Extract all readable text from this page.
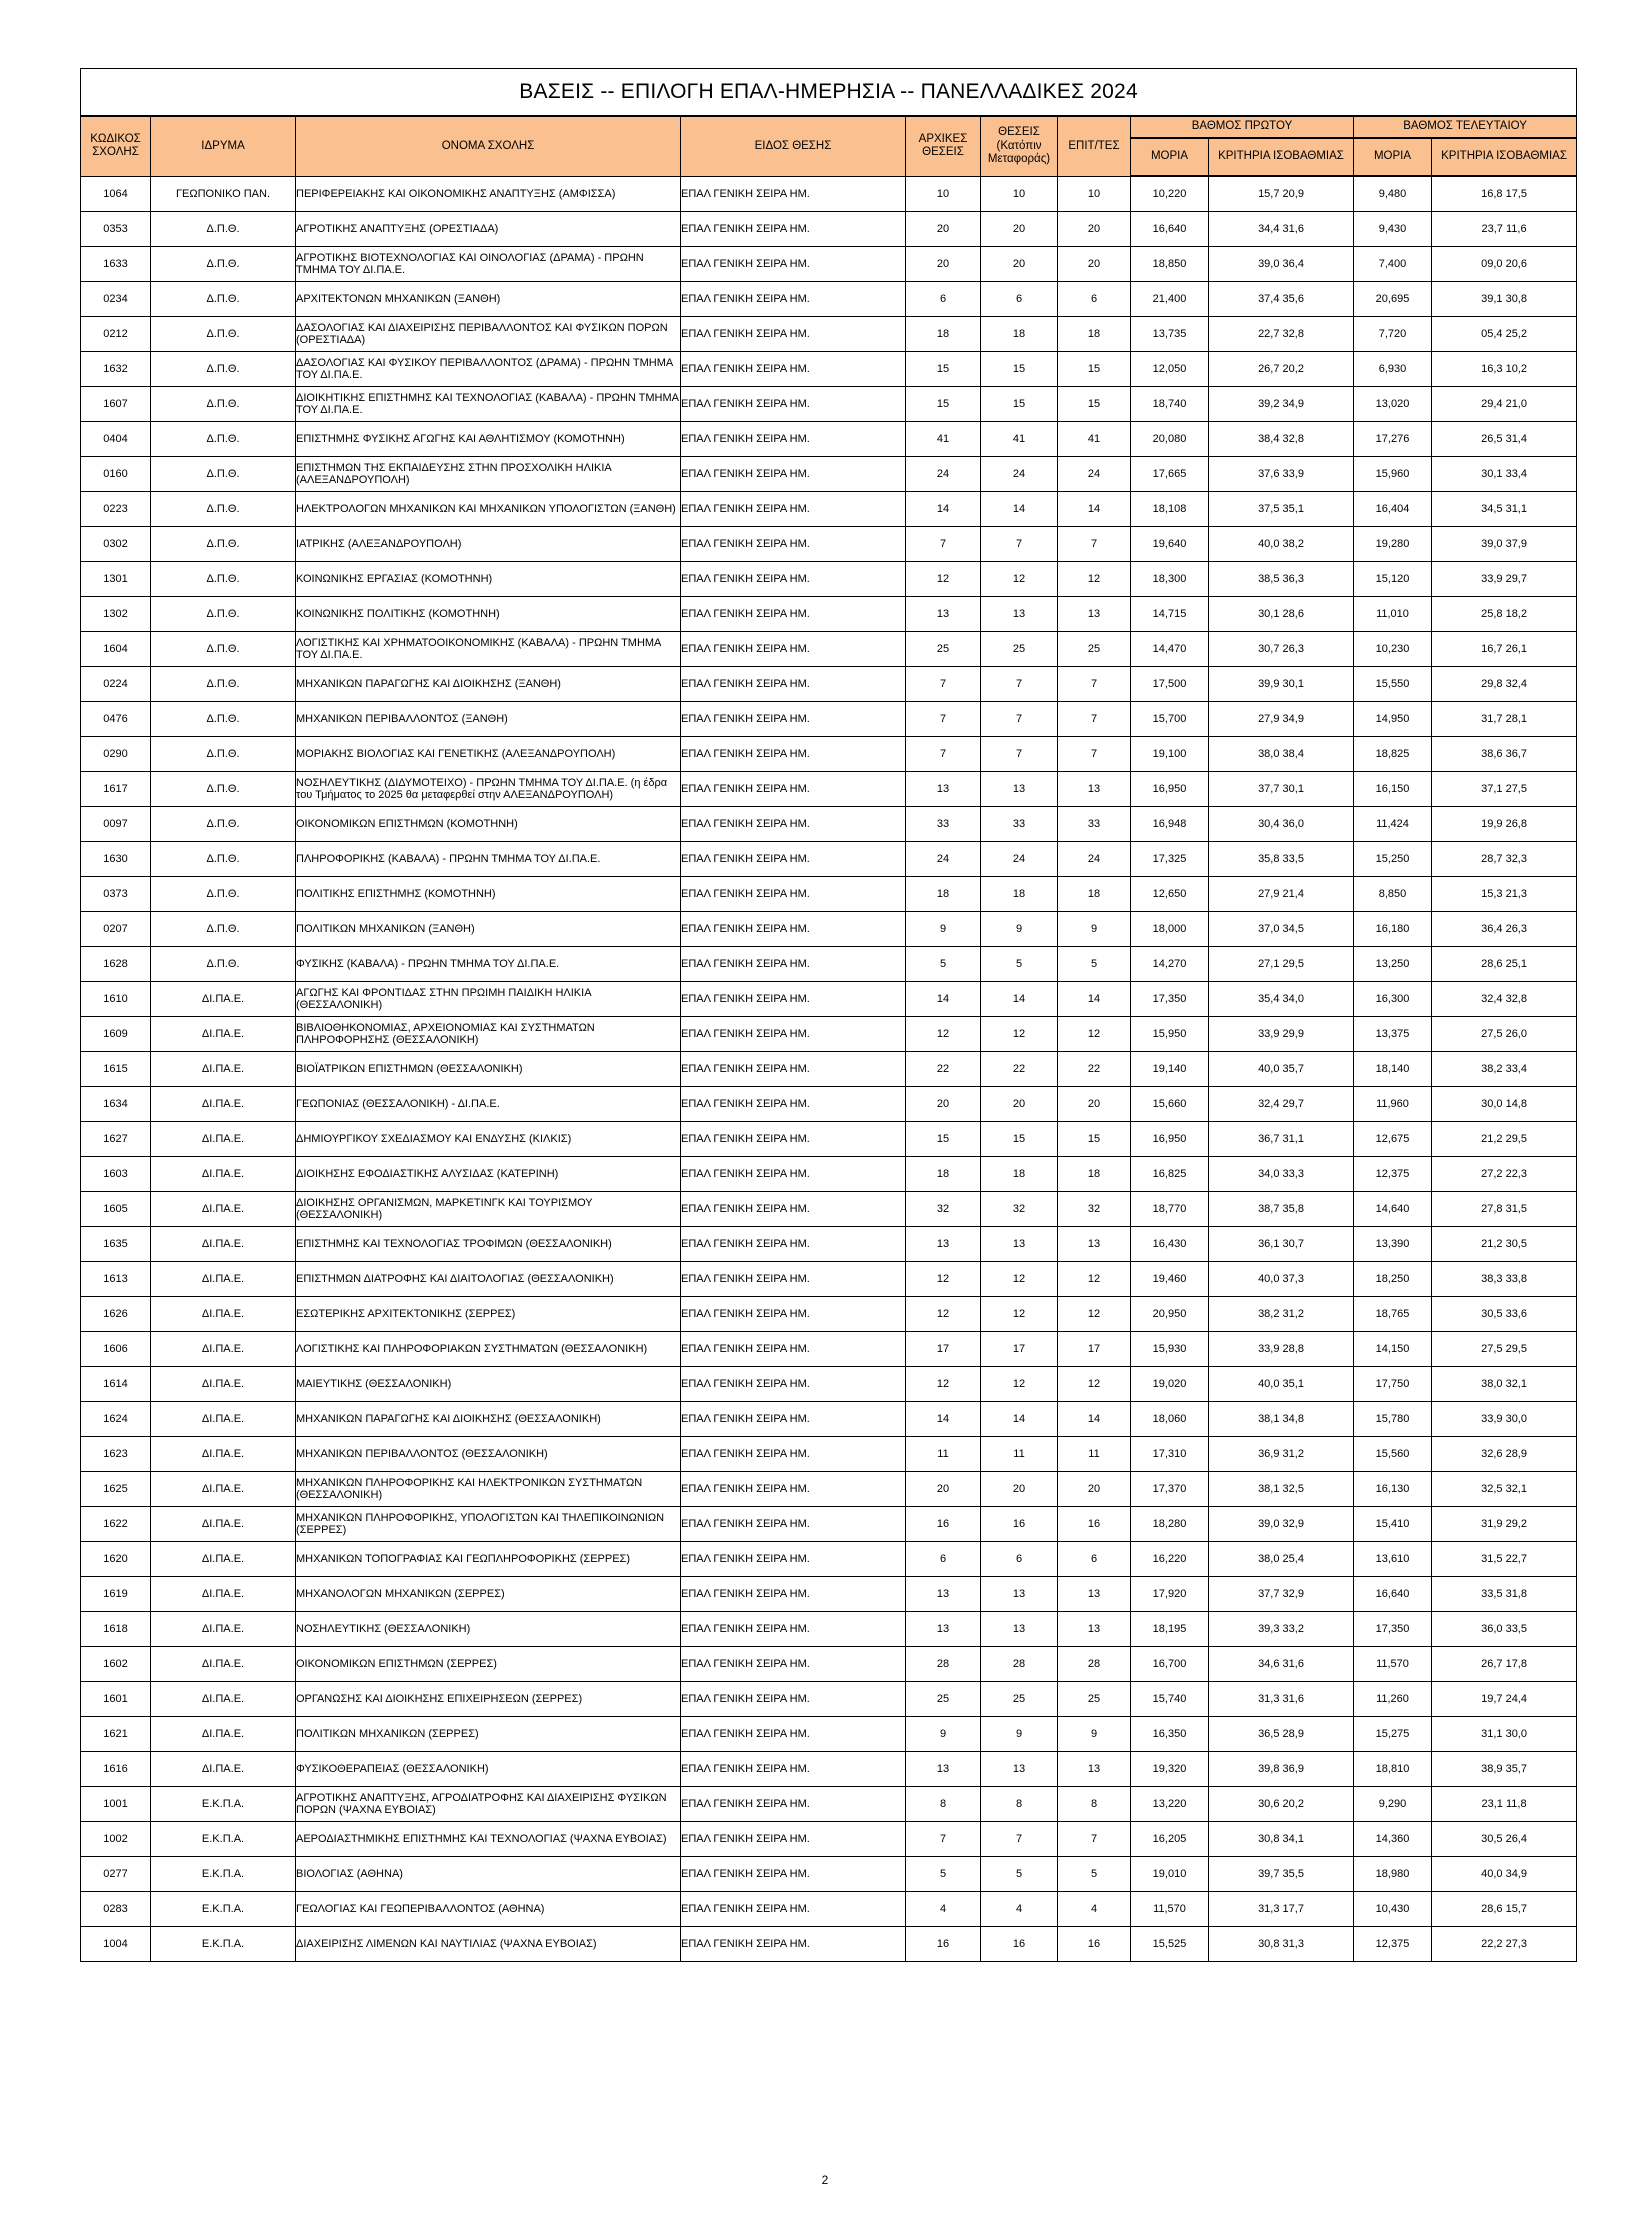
ΒΑΣΕΙΣ -- ΕΠΙΛΟΓΗ ΕΠΑΛ-ΗΜΕΡΗΣΙΑ -- ΠΑΝΕΛΛΑΔΙΚΕΣ 2024										
ΚΩΔΙΚΟΣ ΣΧΟΛΗΣ	ΙΔΡΥΜΑ	ΟΝΟΜΑ ΣΧΟΛΗΣ	ΕΙΔΟΣ ΘΕΣΗΣ	ΑΡΧΙΚΕΣ ΘΕΣΕΙΣ	ΘΕΣΕΙΣ (Κατόπιν Μεταφοράς)	ΕΠΙΤ/ΤΕΣ	ΒΑΘΜΟΣ ΠΡΩΤΟΥ		ΒΑΘΜΟΣ ΤΕΛΕΥΤΑΙΟΥ	
							ΜΟΡΙΑ	ΚΡΙΤΗΡΙΑ ΙΣΟΒΑΘΜΙΑΣ	ΜΟΡΙΑ	ΚΡΙΤΗΡΙΑ ΙΣΟΒΑΘΜΙΑΣ
1064	ΓΕΩΠΟΝΙΚΟ ΠΑΝ.	ΠΕΡΙΦΕΡΕΙΑΚΗΣ ΚΑΙ ΟΙΚΟΝΟΜΙΚΗΣ ΑΝΑΠΤΥΞΗΣ (ΑΜΦΙΣΣΑ)	ΕΠΑΛ ΓΕΝΙΚΗ ΣΕΙΡΑ ΗΜ.	10	10	10	10,220	15,7 20,9	9,480	16,8 17,5
0353	Δ.Π.Θ.	ΑΓΡΟΤΙΚΗΣ ΑΝΑΠΤΥΞΗΣ (ΟΡΕΣΤΙΑΔΑ)	ΕΠΑΛ ΓΕΝΙΚΗ ΣΕΙΡΑ ΗΜ.	20	20	20	16,640	34,4 31,6	9,430	23,7 11,6
1633	Δ.Π.Θ.	ΑΓΡΟΤΙΚΗΣ ΒΙΟΤΕΧΝΟΛΟΓΙΑΣ ΚΑΙ ΟΙΝΟΛΟΓΙΑΣ (ΔΡΑΜΑ) - ΠΡΩΗΝ ΤΜΗΜΑ ΤΟΥ ΔΙ.ΠΑ.Ε.	ΕΠΑΛ ΓΕΝΙΚΗ ΣΕΙΡΑ ΗΜ.	20	20	20	18,850	39,0 36,4	7,400	09,0 20,6
0234	Δ.Π.Θ.	ΑΡΧΙΤΕΚΤΟΝΩΝ ΜΗΧΑΝΙΚΩΝ (ΞΑΝΘΗ)	ΕΠΑΛ ΓΕΝΙΚΗ ΣΕΙΡΑ ΗΜ.	6	6	6	21,400	37,4 35,6	20,695	39,1 30,8
0212	Δ.Π.Θ.	ΔΑΣΟΛΟΓΙΑΣ ΚΑΙ ΔΙΑΧΕΙΡΙΣΗΣ ΠΕΡΙΒΑΛΛΟΝΤΟΣ ΚΑΙ ΦΥΣΙΚΩΝ ΠΟΡΩΝ (ΟΡΕΣΤΙΑΔΑ)	ΕΠΑΛ ΓΕΝΙΚΗ ΣΕΙΡΑ ΗΜ.	18	18	18	13,735	22,7 32,8	7,720	05,4 25,2
1632	Δ.Π.Θ.	ΔΑΣΟΛΟΓΙΑΣ ΚΑΙ ΦΥΣΙΚΟΥ ΠΕΡΙΒΑΛΛΟΝΤΟΣ (ΔΡΑΜΑ) - ΠΡΩΗΝ ΤΜΗΜΑ ΤΟΥ ΔΙ.ΠΑ.Ε.	ΕΠΑΛ ΓΕΝΙΚΗ ΣΕΙΡΑ ΗΜ.	15	15	15	12,050	26,7 20,2	6,930	16,3 10,2
1607	Δ.Π.Θ.	ΔΙΟΙΚΗΤΙΚΗΣ ΕΠΙΣΤΗΜΗΣ ΚΑΙ ΤΕΧΝΟΛΟΓΙΑΣ (ΚΑΒΑΛΑ) - ΠΡΩΗΝ ΤΜΗΜΑ ΤΟΥ ΔΙ.ΠΑ.Ε.	ΕΠΑΛ ΓΕΝΙΚΗ ΣΕΙΡΑ ΗΜ.	15	15	15	18,740	39,2 34,9	13,020	29,4 21,0
0404	Δ.Π.Θ.	ΕΠΙΣΤΗΜΗΣ ΦΥΣΙΚΗΣ ΑΓΩΓΗΣ ΚΑΙ ΑΘΛΗΤΙΣΜΟΥ (ΚΟΜΟΤΗΝΗ)	ΕΠΑΛ ΓΕΝΙΚΗ ΣΕΙΡΑ ΗΜ.	41	41	41	20,080	38,4 32,8	17,276	26,5 31,4
0160	Δ.Π.Θ.	ΕΠΙΣΤΗΜΩΝ ΤΗΣ ΕΚΠΑΙΔΕΥΣΗΣ ΣΤΗΝ ΠΡΟΣΧΟΛΙΚΗ ΗΛΙΚΙΑ (ΑΛΕΞΑΝΔΡΟΥΠΟΛΗ)	ΕΠΑΛ ΓΕΝΙΚΗ ΣΕΙΡΑ ΗΜ.	24	24	24	17,665	37,6 33,9	15,960	30,1 33,4
0223	Δ.Π.Θ.	ΗΛΕΚΤΡΟΛΟΓΩΝ ΜΗΧΑΝΙΚΩΝ ΚΑΙ ΜΗΧΑΝΙΚΩΝ ΥΠΟΛΟΓΙΣΤΩΝ (ΞΑΝΘΗ)	ΕΠΑΛ ΓΕΝΙΚΗ ΣΕΙΡΑ ΗΜ.	14	14	14	18,108	37,5 35,1	16,404	34,5 31,1
0302	Δ.Π.Θ.	ΙΑΤΡΙΚΗΣ (ΑΛΕΞΑΝΔΡΟΥΠΟΛΗ)	ΕΠΑΛ ΓΕΝΙΚΗ ΣΕΙΡΑ ΗΜ.	7	7	7	19,640	40,0 38,2	19,280	39,0 37,9
1301	Δ.Π.Θ.	ΚΟΙΝΩΝΙΚΗΣ ΕΡΓΑΣΙΑΣ (ΚΟΜΟΤΗΝΗ)	ΕΠΑΛ ΓΕΝΙΚΗ ΣΕΙΡΑ ΗΜ.	12	12	12	18,300	38,5 36,3	15,120	33,9 29,7
1302	Δ.Π.Θ.	ΚΟΙΝΩΝΙΚΗΣ ΠΟΛΙΤΙΚΗΣ (ΚΟΜΟΤΗΝΗ)	ΕΠΑΛ ΓΕΝΙΚΗ ΣΕΙΡΑ ΗΜ.	13	13	13	14,715	30,1 28,6	11,010	25,8 18,2
1604	Δ.Π.Θ.	ΛΟΓΙΣΤΙΚΗΣ ΚΑΙ ΧΡΗΜΑΤΟΟΙΚΟΝΟΜΙΚΗΣ (ΚΑΒΑΛΑ) - ΠΡΩΗΝ ΤΜΗΜΑ ΤΟΥ ΔΙ.ΠΑ.Ε.	ΕΠΑΛ ΓΕΝΙΚΗ ΣΕΙΡΑ ΗΜ.	25	25	25	14,470	30,7 26,3	10,230	16,7 26,1
0224	Δ.Π.Θ.	ΜΗΧΑΝΙΚΩΝ ΠΑΡΑΓΩΓΗΣ ΚΑΙ ΔΙΟΙΚΗΣΗΣ (ΞΑΝΘΗ)	ΕΠΑΛ ΓΕΝΙΚΗ ΣΕΙΡΑ ΗΜ.	7	7	7	17,500	39,9 30,1	15,550	29,8 32,4
0476	Δ.Π.Θ.	ΜΗΧΑΝΙΚΩΝ ΠΕΡΙΒΑΛΛΟΝΤΟΣ (ΞΑΝΘΗ)	ΕΠΑΛ ΓΕΝΙΚΗ ΣΕΙΡΑ ΗΜ.	7	7	7	15,700	27,9 34,9	14,950	31,7 28,1
0290	Δ.Π.Θ.	ΜΟΡΙΑΚΗΣ ΒΙΟΛΟΓΙΑΣ ΚΑΙ ΓΕΝΕΤΙΚΗΣ (ΑΛΕΞΑΝΔΡΟΥΠΟΛΗ)	ΕΠΑΛ ΓΕΝΙΚΗ ΣΕΙΡΑ ΗΜ.	7	7	7	19,100	38,0 38,4	18,825	38,6 36,7
1617	Δ.Π.Θ.	ΝΟΣΗΛΕΥΤΙΚΗΣ (ΔΙΔΥΜΟΤΕΙΧΟ) - ΠΡΩΗΝ ΤΜΗΜΑ ΤΟΥ ΔΙ.ΠΑ.Ε. (η έδρα του Τμήματος το 2025 θα μεταφερθεί στην ΑΛΕΞΑΝΔΡΟΥΠΟΛΗ)	ΕΠΑΛ ΓΕΝΙΚΗ ΣΕΙΡΑ ΗΜ.	13	13	13	16,950	37,7 30,1	16,150	37,1 27,5
0097	Δ.Π.Θ.	ΟΙΚΟΝΟΜΙΚΩΝ ΕΠΙΣΤΗΜΩΝ (ΚΟΜΟΤΗΝΗ)	ΕΠΑΛ ΓΕΝΙΚΗ ΣΕΙΡΑ ΗΜ.	33	33	33	16,948	30,4 36,0	11,424	19,9 26,8
1630	Δ.Π.Θ.	ΠΛΗΡΟΦΟΡΙΚΗΣ (ΚΑΒΑΛΑ) - ΠΡΩΗΝ ΤΜΗΜΑ ΤΟΥ ΔΙ.ΠΑ.Ε.	ΕΠΑΛ ΓΕΝΙΚΗ ΣΕΙΡΑ ΗΜ.	24	24	24	17,325	35,8 33,5	15,250	28,7 32,3
0373	Δ.Π.Θ.	ΠΟΛΙΤΙΚΗΣ ΕΠΙΣΤΗΜΗΣ (ΚΟΜΟΤΗΝΗ)	ΕΠΑΛ ΓΕΝΙΚΗ ΣΕΙΡΑ ΗΜ.	18	18	18	12,650	27,9 21,4	8,850	15,3 21,3
0207	Δ.Π.Θ.	ΠΟΛΙΤΙΚΩΝ ΜΗΧΑΝΙΚΩΝ (ΞΑΝΘΗ)	ΕΠΑΛ ΓΕΝΙΚΗ ΣΕΙΡΑ ΗΜ.	9	9	9	18,000	37,0 34,5	16,180	36,4 26,3
1628	Δ.Π.Θ.	ΦΥΣΙΚΗΣ (ΚΑΒΑΛΑ) - ΠΡΩΗΝ ΤΜΗΜΑ ΤΟΥ ΔΙ.ΠΑ.Ε.	ΕΠΑΛ ΓΕΝΙΚΗ ΣΕΙΡΑ ΗΜ.	5	5	5	14,270	27,1 29,5	13,250	28,6 25,1
1610	ΔΙ.ΠΑ.Ε.	ΑΓΩΓΗΣ ΚΑΙ ΦΡΟΝΤΙΔΑΣ ΣΤΗΝ ΠΡΩΙΜΗ ΠΑΙΔΙΚΗ ΗΛΙΚΙΑ (ΘΕΣΣΑΛΟΝΙΚΗ)	ΕΠΑΛ ΓΕΝΙΚΗ ΣΕΙΡΑ ΗΜ.	14	14	14	17,350	35,4 34,0	16,300	32,4 32,8
1609	ΔΙ.ΠΑ.Ε.	ΒΙΒΛΙΟΘΗΚΟΝΟΜΙΑΣ, ΑΡΧΕΙΟΝΟΜΙΑΣ ΚΑΙ ΣΥΣΤΗΜΑΤΩΝ ΠΛΗΡΟΦΟΡΗΣΗΣ (ΘΕΣΣΑΛΟΝΙΚΗ)	ΕΠΑΛ ΓΕΝΙΚΗ ΣΕΙΡΑ ΗΜ.	12	12	12	15,950	33,9 29,9	13,375	27,5 26,0
1615	ΔΙ.ΠΑ.Ε.	ΒΙΟΪΑΤΡΙΚΩΝ ΕΠΙΣΤΗΜΩΝ (ΘΕΣΣΑΛΟΝΙΚΗ)	ΕΠΑΛ ΓΕΝΙΚΗ ΣΕΙΡΑ ΗΜ.	22	22	22	19,140	40,0 35,7	18,140	38,2 33,4
1634	ΔΙ.ΠΑ.Ε.	ΓΕΩΠΟΝΙΑΣ (ΘΕΣΣΑΛΟΝΙΚΗ) - ΔΙ.ΠΑ.Ε.	ΕΠΑΛ ΓΕΝΙΚΗ ΣΕΙΡΑ ΗΜ.	20	20	20	15,660	32,4 29,7	11,960	30,0 14,8
1627	ΔΙ.ΠΑ.Ε.	ΔΗΜΙΟΥΡΓΙΚΟΥ ΣΧΕΔΙΑΣΜΟΥ ΚΑΙ ΕΝΔΥΣΗΣ (ΚΙΛΚΙΣ)	ΕΠΑΛ ΓΕΝΙΚΗ ΣΕΙΡΑ ΗΜ.	15	15	15	16,950	36,7 31,1	12,675	21,2 29,5
1603	ΔΙ.ΠΑ.Ε.	ΔΙΟΙΚΗΣΗΣ ΕΦΟΔΙΑΣΤΙΚΗΣ ΑΛΥΣΙΔΑΣ (ΚΑΤΕΡΙΝΗ)	ΕΠΑΛ ΓΕΝΙΚΗ ΣΕΙΡΑ ΗΜ.	18	18	18	16,825	34,0 33,3	12,375	27,2 22,3
1605	ΔΙ.ΠΑ.Ε.	ΔΙΟΙΚΗΣΗΣ ΟΡΓΑΝΙΣΜΩΝ, ΜΑΡΚΕΤΙΝΓΚ ΚΑΙ ΤΟΥΡΙΣΜΟΥ (ΘΕΣΣΑΛΟΝΙΚΗ)	ΕΠΑΛ ΓΕΝΙΚΗ ΣΕΙΡΑ ΗΜ.	32	32	32	18,770	38,7 35,8	14,640	27,8 31,5
1635	ΔΙ.ΠΑ.Ε.	ΕΠΙΣΤΗΜΗΣ ΚΑΙ ΤΕΧΝΟΛΟΓΙΑΣ ΤΡΟΦΙΜΩΝ (ΘΕΣΣΑΛΟΝΙΚΗ)	ΕΠΑΛ ΓΕΝΙΚΗ ΣΕΙΡΑ ΗΜ.	13	13	13	16,430	36,1 30,7	13,390	21,2 30,5
1613	ΔΙ.ΠΑ.Ε.	ΕΠΙΣΤΗΜΩΝ ΔΙΑΤΡΟΦΗΣ ΚΑΙ ΔΙΑΙΤΟΛΟΓΙΑΣ (ΘΕΣΣΑΛΟΝΙΚΗ)	ΕΠΑΛ ΓΕΝΙΚΗ ΣΕΙΡΑ ΗΜ.	12	12	12	19,460	40,0 37,3	18,250	38,3 33,8
1626	ΔΙ.ΠΑ.Ε.	ΕΣΩΤΕΡΙΚΗΣ ΑΡΧΙΤΕΚΤΟΝΙΚΗΣ (ΣΕΡΡΕΣ)	ΕΠΑΛ ΓΕΝΙΚΗ ΣΕΙΡΑ ΗΜ.	12	12	12	20,950	38,2 31,2	18,765	30,5 33,6
1606	ΔΙ.ΠΑ.Ε.	ΛΟΓΙΣΤΙΚΗΣ ΚΑΙ ΠΛΗΡΟΦΟΡΙΑΚΩΝ ΣΥΣΤΗΜΑΤΩΝ (ΘΕΣΣΑΛΟΝΙΚΗ)	ΕΠΑΛ ΓΕΝΙΚΗ ΣΕΙΡΑ ΗΜ.	17	17	17	15,930	33,9 28,8	14,150	27,5 29,5
1614	ΔΙ.ΠΑ.Ε.	ΜΑΙΕΥΤΙΚΗΣ (ΘΕΣΣΑΛΟΝΙΚΗ)	ΕΠΑΛ ΓΕΝΙΚΗ ΣΕΙΡΑ ΗΜ.	12	12	12	19,020	40,0 35,1	17,750	38,0 32,1
1624	ΔΙ.ΠΑ.Ε.	ΜΗΧΑΝΙΚΩΝ ΠΑΡΑΓΩΓΗΣ ΚΑΙ ΔΙΟΙΚΗΣΗΣ (ΘΕΣΣΑΛΟΝΙΚΗ)	ΕΠΑΛ ΓΕΝΙΚΗ ΣΕΙΡΑ ΗΜ.	14	14	14	18,060	38,1 34,8	15,780	33,9 30,0
1623	ΔΙ.ΠΑ.Ε.	ΜΗΧΑΝΙΚΩΝ ΠΕΡΙΒΑΛΛΟΝΤΟΣ (ΘΕΣΣΑΛΟΝΙΚΗ)	ΕΠΑΛ ΓΕΝΙΚΗ ΣΕΙΡΑ ΗΜ.	11	11	11	17,310	36,9 31,2	15,560	32,6 28,9
1625	ΔΙ.ΠΑ.Ε.	ΜΗΧΑΝΙΚΩΝ ΠΛΗΡΟΦΟΡΙΚΗΣ ΚΑΙ ΗΛΕΚΤΡΟΝΙΚΩΝ ΣΥΣΤΗΜΑΤΩΝ (ΘΕΣΣΑΛΟΝΙΚΗ)	ΕΠΑΛ ΓΕΝΙΚΗ ΣΕΙΡΑ ΗΜ.	20	20	20	17,370	38,1 32,5	16,130	32,5 32,1
1622	ΔΙ.ΠΑ.Ε.	ΜΗΧΑΝΙΚΩΝ ΠΛΗΡΟΦΟΡΙΚΗΣ, ΥΠΟΛΟΓΙΣΤΩΝ ΚΑΙ ΤΗΛΕΠΙΚΟΙΝΩΝΙΩΝ (ΣΕΡΡΕΣ)	ΕΠΑΛ ΓΕΝΙΚΗ ΣΕΙΡΑ ΗΜ.	16	16	16	18,280	39,0 32,9	15,410	31,9 29,2
1620	ΔΙ.ΠΑ.Ε.	ΜΗΧΑΝΙΚΩΝ ΤΟΠΟΓΡΑΦΙΑΣ ΚΑΙ ΓΕΩΠΛΗΡΟΦΟΡΙΚΗΣ (ΣΕΡΡΕΣ)	ΕΠΑΛ ΓΕΝΙΚΗ ΣΕΙΡΑ ΗΜ.	6	6	6	16,220	38,0 25,4	13,610	31,5 22,7
1619	ΔΙ.ΠΑ.Ε.	ΜΗΧΑΝΟΛΟΓΩΝ ΜΗΧΑΝΙΚΩΝ (ΣΕΡΡΕΣ)	ΕΠΑΛ ΓΕΝΙΚΗ ΣΕΙΡΑ ΗΜ.	13	13	13	17,920	37,7 32,9	16,640	33,5 31,8
1618	ΔΙ.ΠΑ.Ε.	ΝΟΣΗΛΕΥΤΙΚΗΣ (ΘΕΣΣΑΛΟΝΙΚΗ)	ΕΠΑΛ ΓΕΝΙΚΗ ΣΕΙΡΑ ΗΜ.	13	13	13	18,195	39,3 33,2	17,350	36,0 33,5
1602	ΔΙ.ΠΑ.Ε.	ΟΙΚΟΝΟΜΙΚΩΝ ΕΠΙΣΤΗΜΩΝ (ΣΕΡΡΕΣ)	ΕΠΑΛ ΓΕΝΙΚΗ ΣΕΙΡΑ ΗΜ.	28	28	28	16,700	34,6 31,6	11,570	26,7 17,8
1601	ΔΙ.ΠΑ.Ε.	ΟΡΓΑΝΩΣΗΣ ΚΑΙ ΔΙΟΙΚΗΣΗΣ ΕΠΙΧΕΙΡΗΣΕΩΝ (ΣΕΡΡΕΣ)	ΕΠΑΛ ΓΕΝΙΚΗ ΣΕΙΡΑ ΗΜ.	25	25	25	15,740	31,3 31,6	11,260	19,7 24,4
1621	ΔΙ.ΠΑ.Ε.	ΠΟΛΙΤΙΚΩΝ ΜΗΧΑΝΙΚΩΝ (ΣΕΡΡΕΣ)	ΕΠΑΛ ΓΕΝΙΚΗ ΣΕΙΡΑ ΗΜ.	9	9	9	16,350	36,5 28,9	15,275	31,1 30,0
1616	ΔΙ.ΠΑ.Ε.	ΦΥΣΙΚΟΘΕΡΑΠΕΙΑΣ (ΘΕΣΣΑΛΟΝΙΚΗ)	ΕΠΑΛ ΓΕΝΙΚΗ ΣΕΙΡΑ ΗΜ.	13	13	13	19,320	39,8 36,9	18,810	38,9 35,7
1001	Ε.Κ.Π.Α.	ΑΓΡΟΤΙΚΗΣ ΑΝΑΠΤΥΞΗΣ, ΑΓΡΟΔΙΑΤΡΟΦΗΣ ΚΑΙ ΔΙΑΧΕΙΡΙΣΗΣ ΦΥΣΙΚΩΝ ΠΟΡΩΝ (ΨΑΧΝΑ ΕΥΒΟΙΑΣ)	ΕΠΑΛ ΓΕΝΙΚΗ ΣΕΙΡΑ ΗΜ.	8	8	8	13,220	30,6 20,2	9,290	23,1 11,8
1002	Ε.Κ.Π.Α.	ΑΕΡΟΔΙΑΣΤΗΜΙΚΗΣ ΕΠΙΣΤΗΜΗΣ ΚΑΙ ΤΕΧΝΟΛΟΓΙΑΣ (ΨΑΧΝΑ ΕΥΒΟΙΑΣ)	ΕΠΑΛ ΓΕΝΙΚΗ ΣΕΙΡΑ ΗΜ.	7	7	7	16,205	30,8 34,1	14,360	30,5 26,4
0277	Ε.Κ.Π.Α.	ΒΙΟΛΟΓΙΑΣ (ΑΘΗΝΑ)	ΕΠΑΛ ΓΕΝΙΚΗ ΣΕΙΡΑ ΗΜ.	5	5	5	19,010	39,7 35,5	18,980	40,0 34,9
0283	Ε.Κ.Π.Α.	ΓΕΩΛΟΓΙΑΣ ΚΑΙ ΓΕΩΠΕΡΙΒΑΛΛΟΝΤΟΣ (ΑΘΗΝΑ)	ΕΠΑΛ ΓΕΝΙΚΗ ΣΕΙΡΑ ΗΜ.	4	4	4	11,570	31,3 17,7	10,430	28,6 15,7
1004	Ε.Κ.Π.Α.	ΔΙΑΧΕΙΡΙΣΗΣ ΛΙΜΕΝΩΝ ΚΑΙ ΝΑΥΤΙΛΙΑΣ (ΨΑΧΝΑ ΕΥΒΟΙΑΣ)	ΕΠΑΛ ΓΕΝΙΚΗ ΣΕΙΡΑ ΗΜ.	16	16	16	15,525	30,8 31,3	12,375	22,2 27,3
2
